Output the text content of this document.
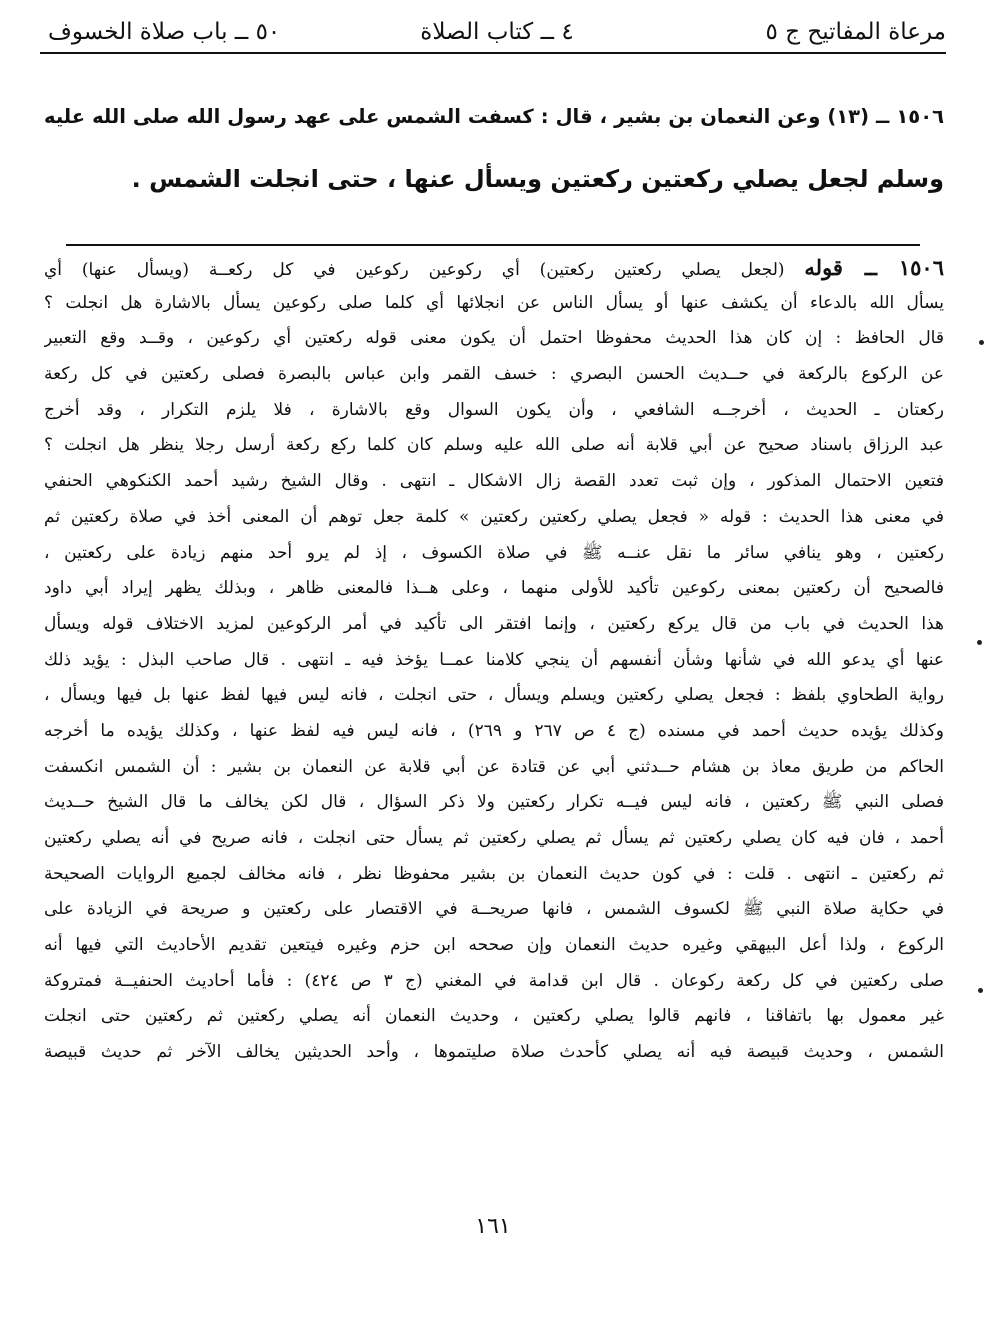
مرعاة المفاتيح ج ٥
٤ ــ كتاب الصلاة
٥٠ ــ باب صلاة الخسوف
١٥٠٦ ــ (١٣) وعن النعمان بن بشير ، قال : كسفت الشمس على عهد رسول الله صلى الله عليه
وسلم لجعل يصلي ركعتين ركعتين ويسأل عنها ، حتى انجلت الشمس .
١٥٠٦ ــ قوله (لجعل يصلي ركعتين ركعتين) أي ركوعين ركوعين في كل ركعــة (ويسأل عنها) أي
يسأل الله بالدعاء أن يكشف عنها أو يسأل الناس عن انجلائها أي كلما صلى ركوعين يسأل بالاشارة هل انجلت ؟
قال الحافظ : إن كان هذا الحديث محفوظا احتمل أن يكون معنى قوله ركعتين أي ركوعين ، وقــد وقع التعبير
عن الركوع بالركعة في حــديث الحسن البصري : خسف القمر وابن عباس بالبصرة فصلى ركعتين في كل ركعة
ركعتان ـ الحديث ، أخرجــه الشافعي ، وأن يكون السوال وقع بالاشارة ، فلا يلزم التكرار ، وقد أخرج
عبد الرزاق باسناد صحيح عن أبي قلابة أنه صلى الله عليه وسلم كان كلما ركع ركعة أرسل رجلا ينظر هل انجلت ؟
فتعين الاحتمال المذكور ، وإن ثبت تعدد القصة زال الاشكال ـ انتهى . وقال الشيخ رشيد أحمد الكنكوهي الحنفي
في معنى هذا الحديث : قوله « فجعل يصلي ركعتين ركعتين » كلمة جعل توهم أن المعنى أخذ في صلاة ركعتين ثم
ركعتين ، وهو ينافي سائر ما نقل عنــه ﷺ في صلاة الكسوف ، إذ لم يرو أحد منهم زيادة على ركعتين ،
فالصحيح أن ركعتين بمعنى ركوعين تأكيد للأولى منهما ، وعلى هــذا فالمعنى ظاهر ، وبذلك يظهر إيراد أبي داود
هذا الحديث في باب من قال يركع ركعتين ، وإنما افتقر الى تأكيد في أمر الركوعين لمزيد الاختلاف قوله ويسأل
عنها أي يدعو الله في شأنها وشأن أنفسهم أن ينجي كلامنا عمــا يؤخذ فيه ـ انتهى . قال صاحب البذل : يؤيد ذلك
رواية الطحاوي بلفظ : فجعل يصلي ركعتين ويسلم ويسأل ، حتى انجلت ، فانه ليس فيها لفظ عنها بل فيها ويسأل ،
وكذلك يؤيده حديث أحمد في مسنده (ج ٤ ص ٢٦٧ و ٢٦٩) ، فانه ليس فيه لفظ عنها ، وكذلك يؤيده ما أخرجه
الحاكم من طريق معاذ بن هشام حــدثني أبي عن قتادة عن أبي قلابة عن النعمان بن بشير : أن الشمس انكسفت
فصلى النبي ﷺ ركعتين ، فانه ليس فيــه تكرار ركعتين ولا ذكر السؤال ، قال لكن يخالف ما قال الشيخ حــديث
أحمد ، فان فيه كان يصلي ركعتين ثم يسأل ثم يصلي ركعتين ثم يسأل حتى انجلت ، فانه صريح في أنه يصلي ركعتين
ثم ركعتين ـ انتهى . قلت : في كون حديث النعمان بن بشير محفوظا نظر ، فانه مخالف لجميع الروايات الصحيحة
في حكاية صلاة النبي ﷺ لكسوف الشمس ، فانها صريحــة في الاقتصار على ركعتين و صريحة في الزيادة على
الركوع ، ولذا أعل البيهقي وغيره حديث النعمان وإن صححه ابن حزم وغيره فيتعين تقديم الأحاديث التي فيها أنه
صلى ركعتين في كل ركعة ركوعان . قال ابن قدامة في المغني (ج ٣ ص ٤٢٤) : فأما أحاديث الحنفيــة فمتروكة
غير معمول بها باتفاقنا ، فانهم قالوا يصلي ركعتين ، وحديث النعمان أنه يصلي ركعتين ثم ركعتين حتى انجلت
الشمس ، وحديث قبيصة فيه أنه يصلي كأحدث صلاة صليتموها ، وأحد الحديثين يخالف الآخر ثم حديث قبيصة
١٦١
